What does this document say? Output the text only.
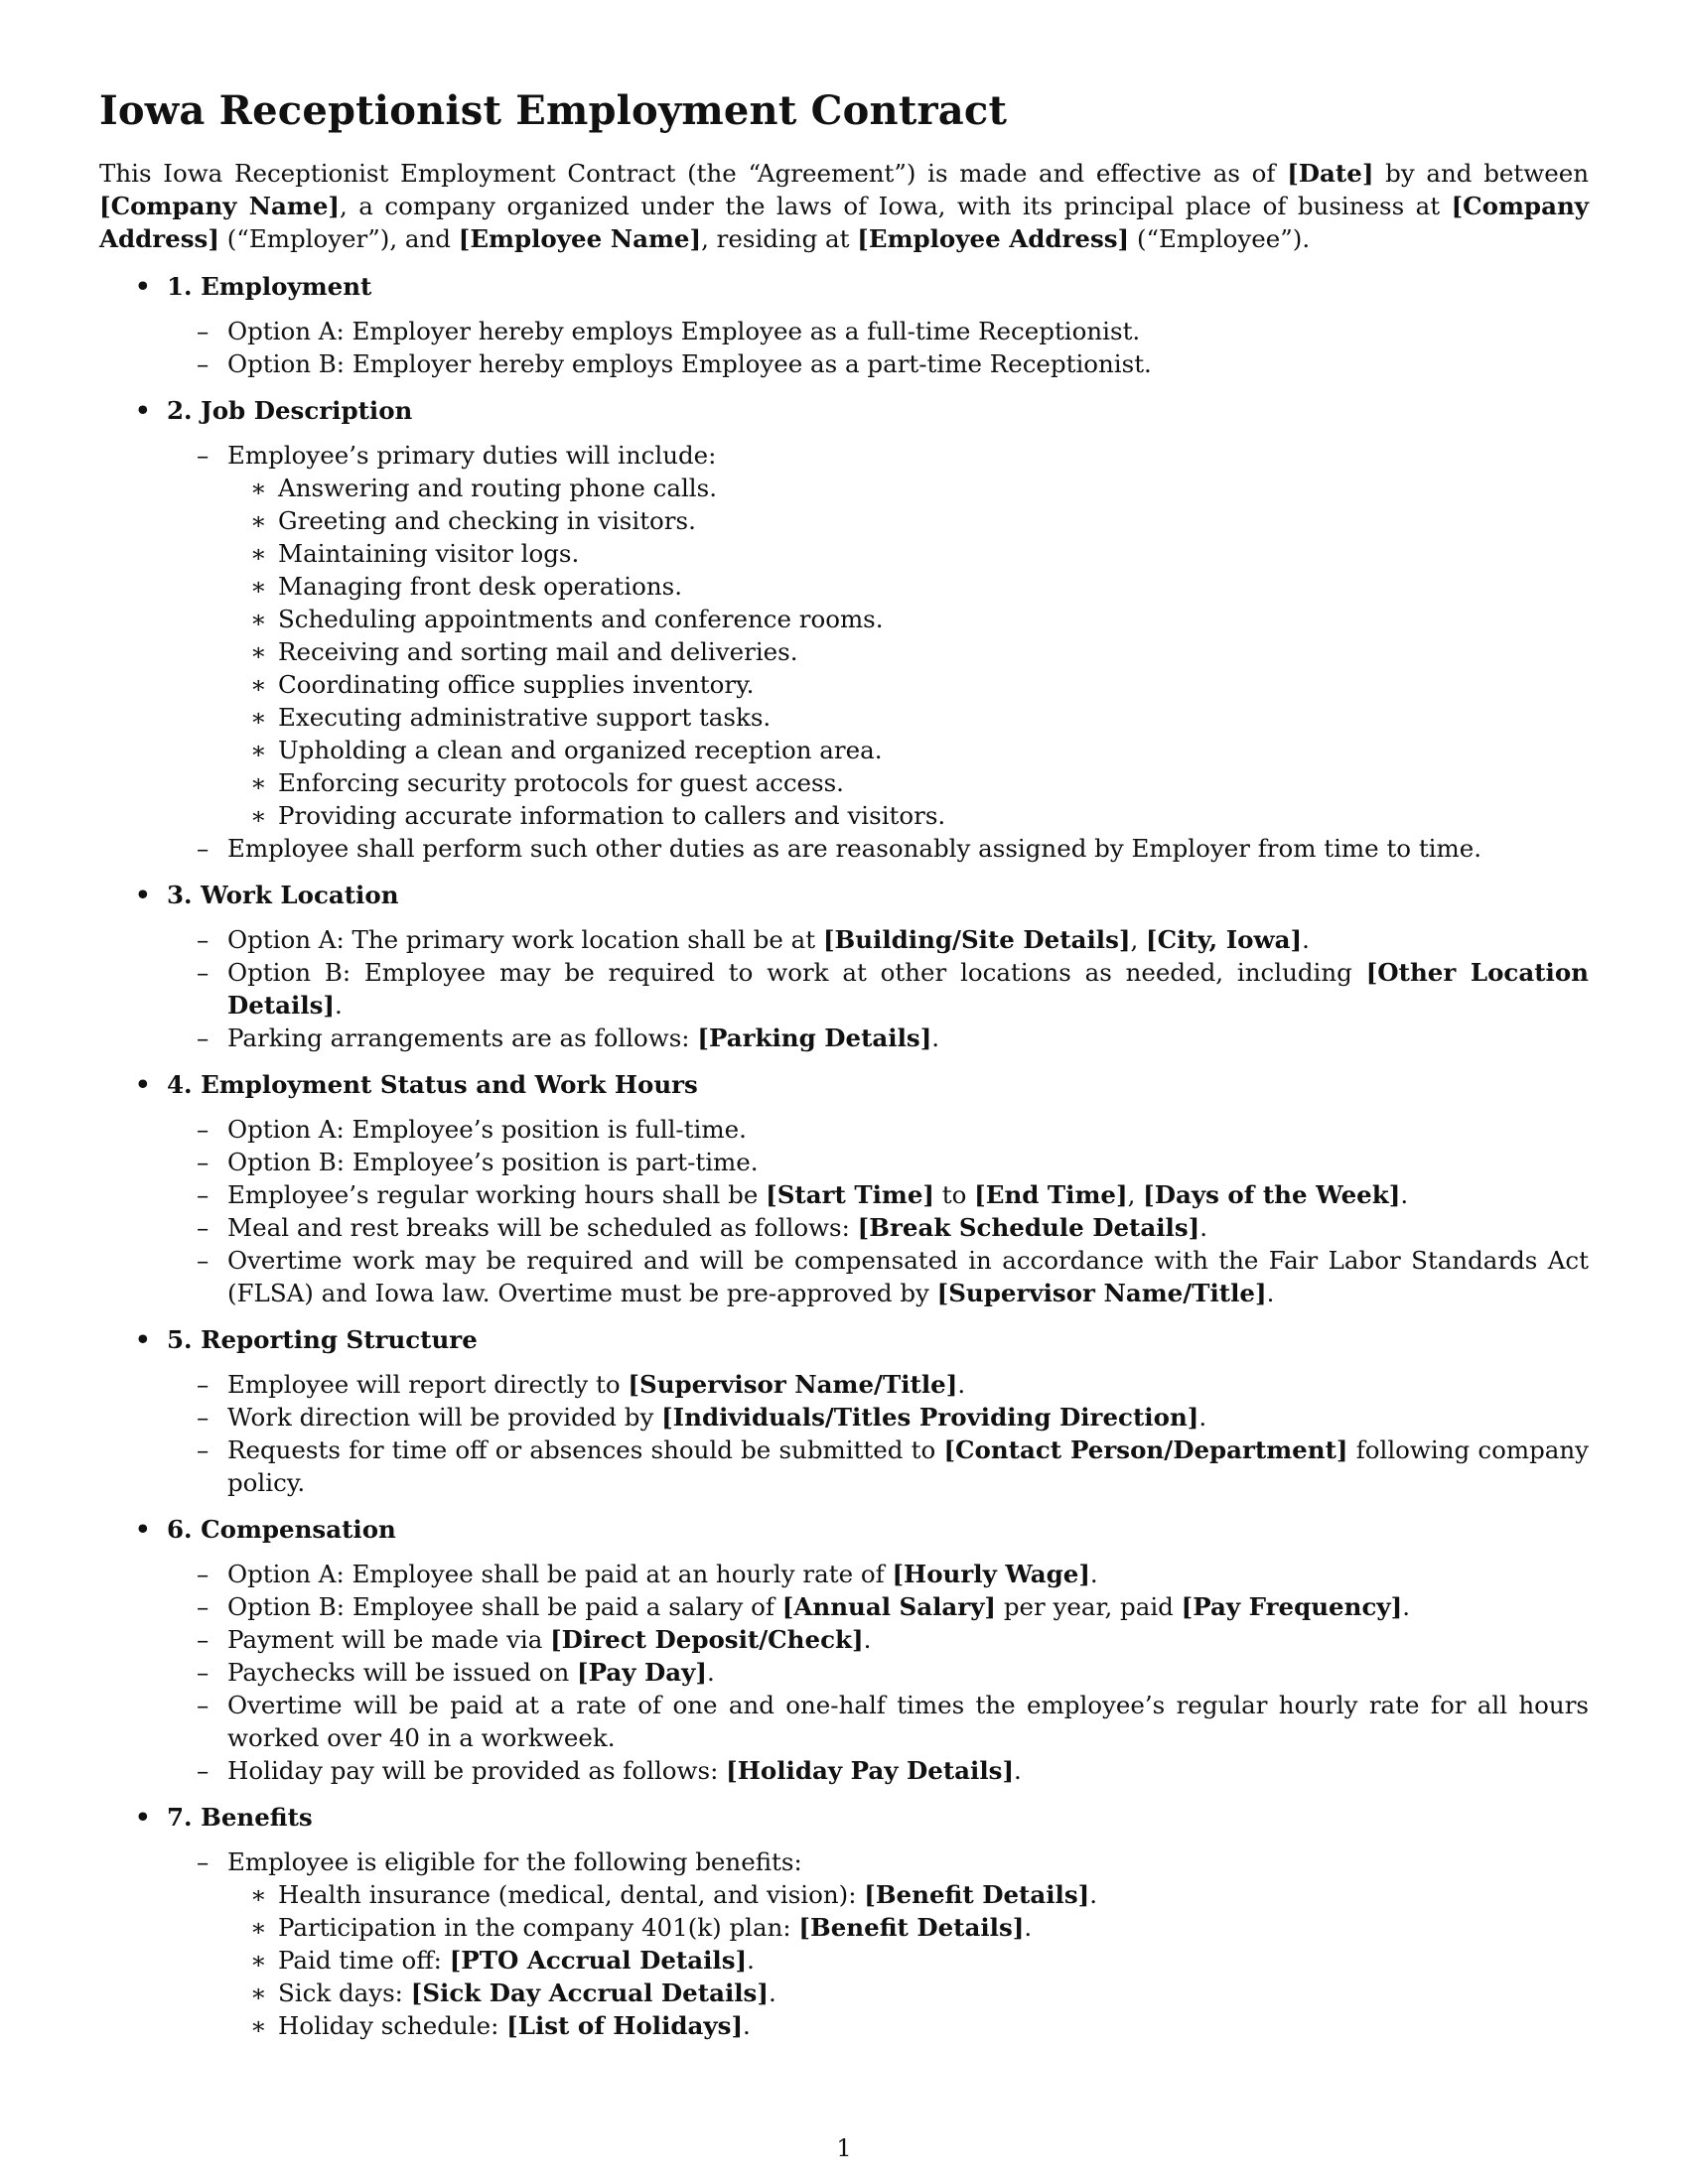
Iowa Receptionist Employment Contract

This Iowa Receptionist Employment Contract (the “Agreement”) is made and effective as of [Date] by and between [Company Name], a company organized under the laws of Iowa, with its principal place of business at [Company Address] (“Employer”), and [Employee Name], residing at [Employee Address] (“Employee”).

• 1. Employment
– Option A: Employer hereby employs Employee as a full-time Receptionist.
– Option B: Employer hereby employs Employee as a part-time Receptionist.
• 2. Job Description
– Employee’s primary duties will include:
∗ Answering and routing phone calls.
∗ Greeting and checking in visitors.
∗ Maintaining visitor logs.
∗ Managing front desk operations.
∗ Scheduling appointments and conference rooms.
∗ Receiving and sorting mail and deliveries.
∗ Coordinating office supplies inventory.
∗ Executing administrative support tasks.
∗ Upholding a clean and organized reception area.
∗ Enforcing security protocols for guest access.
∗ Providing accurate information to callers and visitors.
– Employee shall perform such other duties as are reasonably assigned by Employer from time to time.
• 3. Work Location
– Option A: The primary work location shall be at [Building/Site Details], [City, Iowa].
– Option B: Employee may be required to work at other locations as needed, including [Other Location Details].
– Parking arrangements are as follows: [Parking Details].
• 4. Employment Status and Work Hours
– Option A: Employee’s position is full-time.
– Option B: Employee’s position is part-time.
– Employee’s regular working hours shall be [Start Time] to [End Time], [Days of the Week].
– Meal and rest breaks will be scheduled as follows: [Break Schedule Details].
– Overtime work may be required and will be compensated in accordance with the Fair Labor Standards Act (FLSA) and Iowa law. Overtime must be pre-approved by [Supervisor Name/Title].
• 5. Reporting Structure
– Employee will report directly to [Supervisor Name/Title].
– Work direction will be provided by [Individuals/Titles Providing Direction].
– Requests for time off or absences should be submitted to [Contact Person/Department] following company policy.
• 6. Compensation
– Option A: Employee shall be paid at an hourly rate of [Hourly Wage].
– Option B: Employee shall be paid a salary of [Annual Salary] per year, paid [Pay Frequency].
– Payment will be made via [Direct Deposit/Check].
– Paychecks will be issued on [Pay Day].
– Overtime will be paid at a rate of one and one-half times the employee’s regular hourly rate for all hours worked over 40 in a workweek.
– Holiday pay will be provided as follows: [Holiday Pay Details].
• 7. Benefits
– Employee is eligible for the following benefits:
∗ Health insurance (medical, dental, and vision): [Benefit Details].
∗ Participation in the company 401(k) plan: [Benefit Details].
∗ Paid time off: [PTO Accrual Details].
∗ Sick days: [Sick Day Accrual Details].
∗ Holiday schedule: [List of Holidays].
1
